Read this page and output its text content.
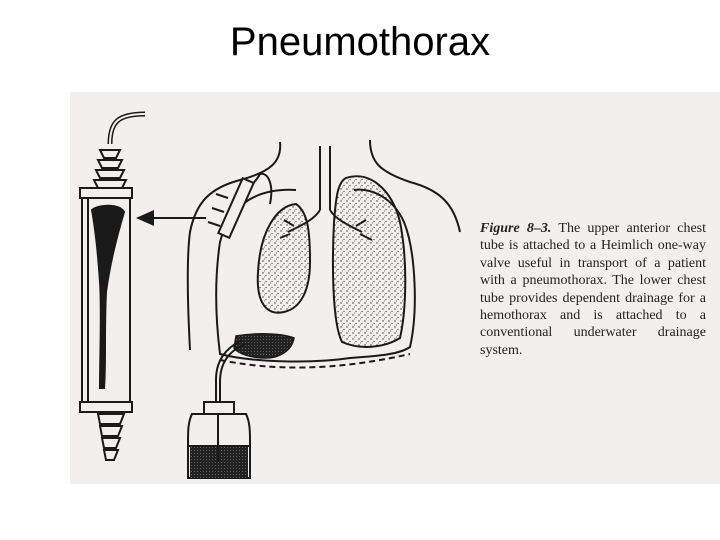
Pneumothorax
Figure 8–3. The upper anterior chest tube is attached to a Heimlich one-way valve useful in transport of a patient with a pneumothorax. The lower chest tube provides dependent drainage for a hemothorax and is attached to a conventional underwater drainage system.
